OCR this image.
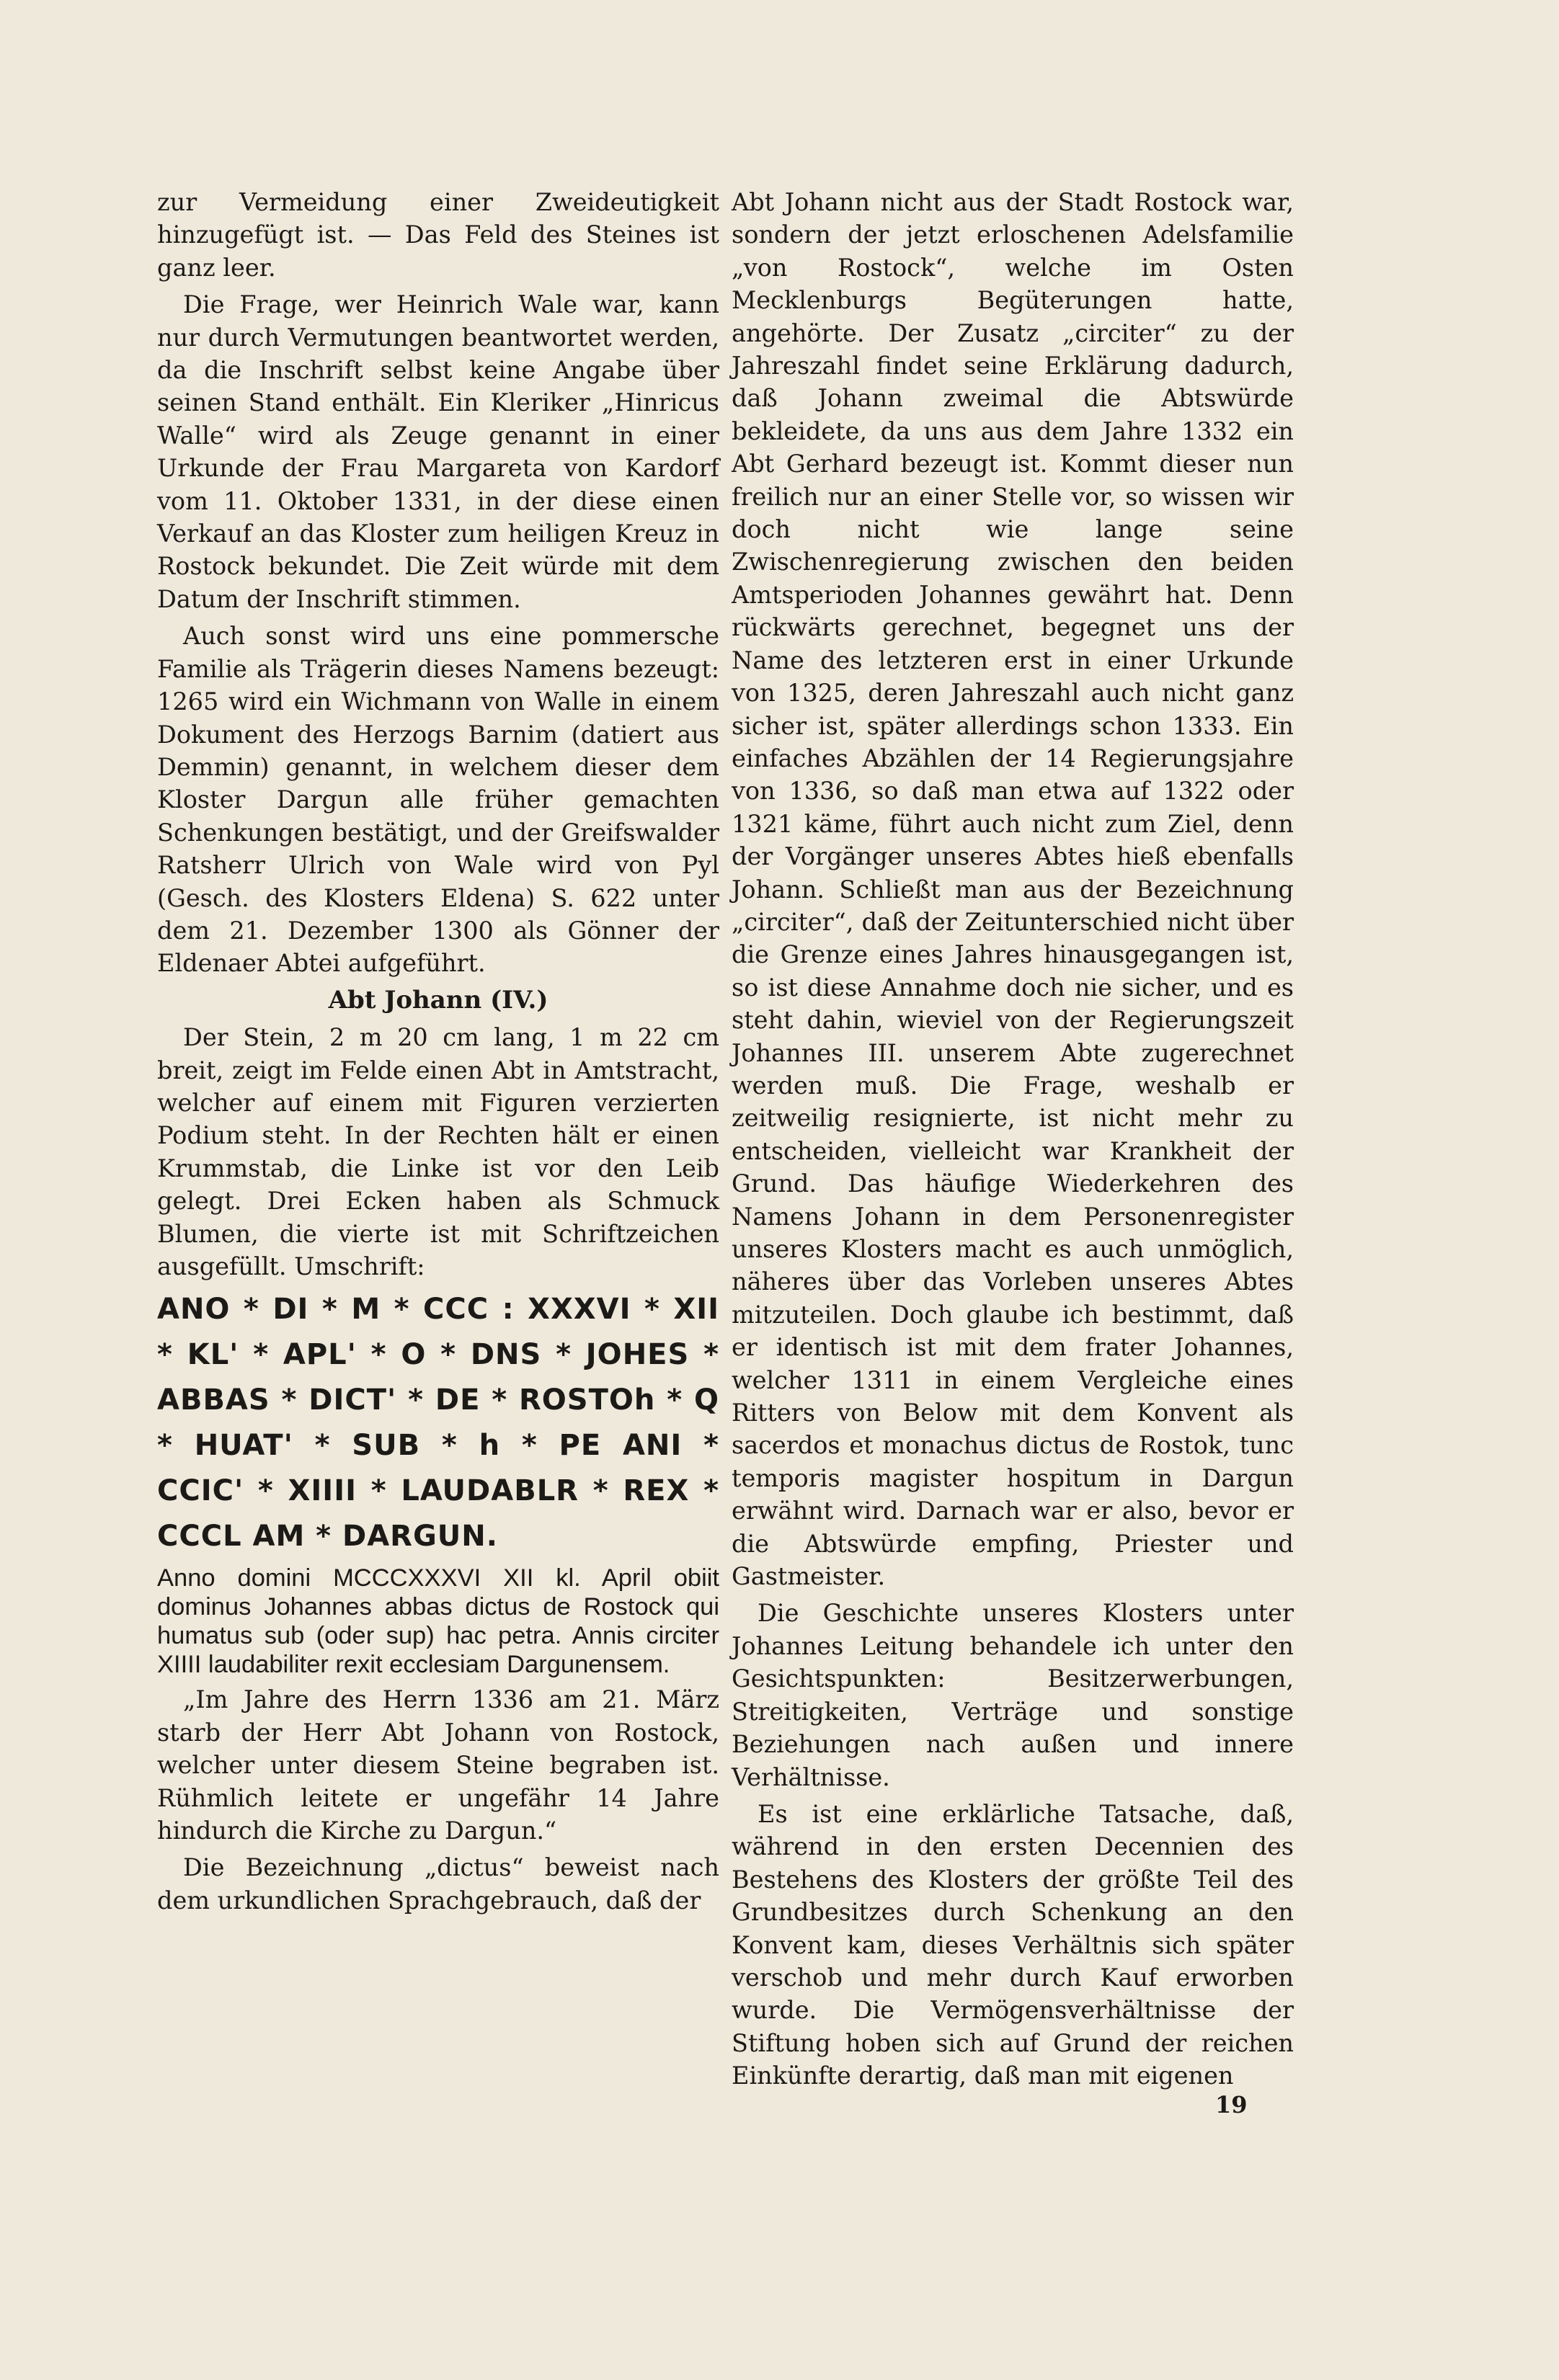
zur Vermeidung einer Zweideutigkeit hinzugefügt ist. — Das Feld des Steines ist ganz leer.

Die Frage, wer Heinrich Wale war, kann nur durch Vermutungen beantwortet werden, da die Inschrift selbst keine Angabe über seinen Stand enthält. Ein Kleriker „Hinricus Walle“ wird als Zeuge genannt in einer Urkunde der Frau Margareta von Kardorf vom 11. Oktober 1331, in der diese einen Verkauf an das Kloster zum heiligen Kreuz in Rostock bekundet. Die Zeit würde mit dem Datum der Inschrift stimmen.

Auch sonst wird uns eine pommersche Familie als Trägerin dieses Namens bezeugt: 1265 wird ein Wichmann von Walle in einem Dokument des Herzogs Barnim (datiert aus Demmin) genannt, in welchem dieser dem Kloster Dargun alle früher gemachten Schenkungen bestätigt, und der Greifswalder Ratsherr Ulrich von Wale wird von Pyl (Gesch. des Klosters Eldena) S. 622 unter dem 21. Dezember 1300 als Gönner der Eldenaer Abtei aufgeführt.

Abt Johann (IV.)

Der Stein, 2 m 20 cm lang, 1 m 22 cm breit, zeigt im Felde einen Abt in Amtstracht, welcher auf einem mit Figuren verzierten Podium steht. In der Rechten hält er einen Krummstab, die Linke ist vor den Leib gelegt. Drei Ecken haben als Schmuck Blumen, die vierte ist mit Schriftzeichen ausgefüllt. Umschrift:

ANO * DI * M * CCC : XXXVI * XII * KL' * APL' * O * DNS * JOHES * ABBAS * DICT' * DE * ROSTOh * Q * HUAT' * SUB * h * PE ANI * CCIC' * XIIII * LAUDABLR * REX * CCCL AM * DARGUN.

Anno domini MCCCXXXVI XII kl. April obiit dominus Johannes abbas dictus de Rostock qui humatus sub (oder sup) hac petra. Annis circiter XIIII laudabiliter rexit ecclesiam Dargunensem.

„Im Jahre des Herrn 1336 am 21. März starb der Herr Abt Johann von Rostock, welcher unter diesem Steine begraben ist. Rühmlich leitete er ungefähr 14 Jahre hindurch die Kirche zu Dargun.“

Die Bezeichnung „dictus“ beweist nach dem urkundlichen Sprachgebrauch, daß der

Abt Johann nicht aus der Stadt Rostock war, sondern der jetzt erloschenen Adelsfamilie „von Rostock“, welche im Osten Mecklenburgs Begüterungen hatte, angehörte. Der Zusatz „circiter“ zu der Jahreszahl findet seine Erklärung dadurch, daß Johann zweimal die Abtswürde bekleidete, da uns aus dem Jahre 1332 ein Abt Gerhard bezeugt ist. Kommt dieser nun freilich nur an einer Stelle vor, so wissen wir doch nicht wie lange seine Zwischenregierung zwischen den beiden Amtsperioden Johannes gewährt hat. Denn rückwärts gerechnet, begegnet uns der Name des letzteren erst in einer Urkunde von 1325, deren Jahreszahl auch nicht ganz sicher ist, später allerdings schon 1333. Ein einfaches Abzählen der 14 Regierungsjahre von 1336, so daß man etwa auf 1322 oder 1321 käme, führt auch nicht zum Ziel, denn der Vorgänger unseres Abtes hieß ebenfalls Johann. Schließt man aus der Bezeichnung „circiter“, daß der Zeitunterschied nicht über die Grenze eines Jahres hinausgegangen ist, so ist diese Annahme doch nie sicher, und es steht dahin, wieviel von der Regierungszeit Johannes III. unserem Abte zugerechnet werden muß. Die Frage, weshalb er zeitweilig resignierte, ist nicht mehr zu entscheiden, vielleicht war Krankheit der Grund. Das häufige Wiederkehren des Namens Johann in dem Personenregister unseres Klosters macht es auch unmöglich, näheres über das Vorleben unseres Abtes mitzuteilen. Doch glaube ich bestimmt, daß er identisch ist mit dem frater Johannes, welcher 1311 in einem Vergleiche eines Ritters von Below mit dem Konvent als sacerdos et monachus dictus de Rostok, tunc temporis magister hospitum in Dargun erwähnt wird. Darnach war er also, bevor er die Abtswürde empfing, Priester und Gastmeister.

Die Geschichte unseres Klosters unter Johannes Leitung behandele ich unter den Gesichtspunkten: Besitzerwerbungen, Streitigkeiten, Verträge und sonstige Beziehungen nach außen und innere Verhältnisse.

Es ist eine erklärliche Tatsache, daß, während in den ersten Decennien des Bestehens des Klosters der größte Teil des Grundbesitzes durch Schenkung an den Konvent kam, dieses Verhältnis sich später verschob und mehr durch Kauf erworben wurde. Die Vermögensverhältnisse der Stiftung hoben sich auf Grund der reichen Einkünfte derartig, daß man mit eigenen

19
